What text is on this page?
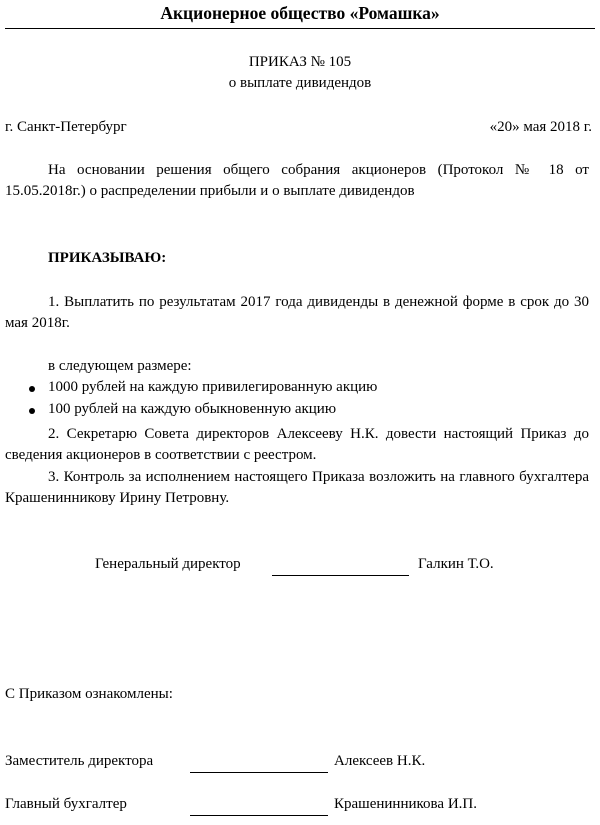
Акционерное общество «Ромашка»
ПРИКАЗ № 105
о выплате дивидендов
г. Санкт-Петербург	«20» мая 2018 г.
На основании решения общего собрания акционеров (Протокол № 18 от 15.05.2018г.) о распределении прибыли и о выплате дивидендов
ПРИКАЗЫВАЮ:
1. Выплатить по результатам 2017 года дивиденды в денежной форме в срок до 30 мая 2018г.
в следующем размере:
1000 рублей на каждую привилегированную акцию
100 рублей на каждую обыкновенную акцию
2. Секретарю Совета директоров Алексееву Н.К. довести настоящий Приказ до сведения акционеров в соответствии с реестром.
3. Контроль за исполнением настоящего Приказа возложить на главного бухгалтера Крашенинникову Ирину Петровну.
Генеральный директор	Галкин Т.О.
С Приказом ознакомлены:
Заместитель директора	Алексеев Н.К.
Главный бухгалтер	Крашенинникова И.П.
